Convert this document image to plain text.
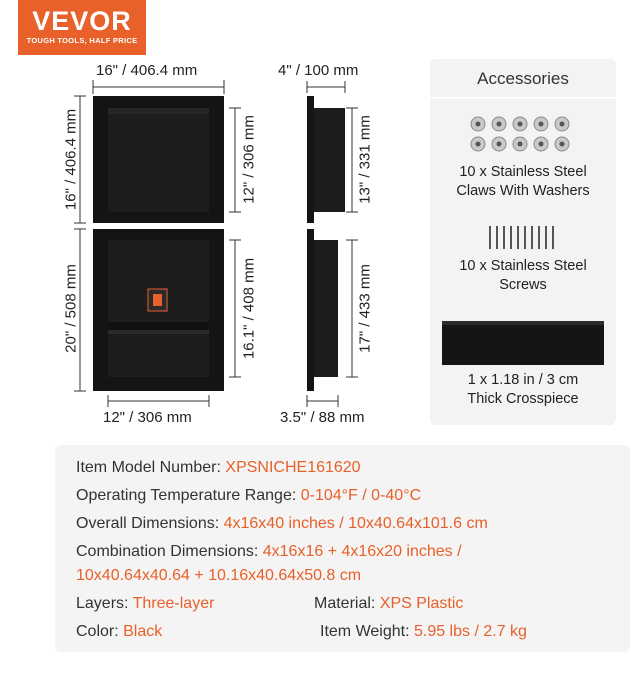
VEVOR
TOUGH TOOLS, HALF PRICE
16" / 406.4 mm
16" / 406.4 mm
20" / 508 mm
12" / 306 mm
16.1" / 408 mm
12" / 306 mm
4" / 100 mm
13" / 331 mm
17" / 433 mm
3.5" / 88 mm
Accessories
10 x Stainless Steel
Claws With Washers
10 x Stainless Steel
Screws
1 x 1.18 in / 3 cm
Thick Crosspiece
Item Model Number: XPSNICHE161620
Operating Temperature Range: 0-104°F / 0-40°C
Overall Dimensions: 4x16x40 inches / 10x40.64x101.6 cm
Combination Dimensions: 4x16x16 + 4x16x20 inches /
10x40.64x40.64 + 10.16x40.64x50.8 cm
Layers: Three-layer	Material: XPS Plastic
Color: Black	Item Weight: 5.95 lbs / 2.7 kg
